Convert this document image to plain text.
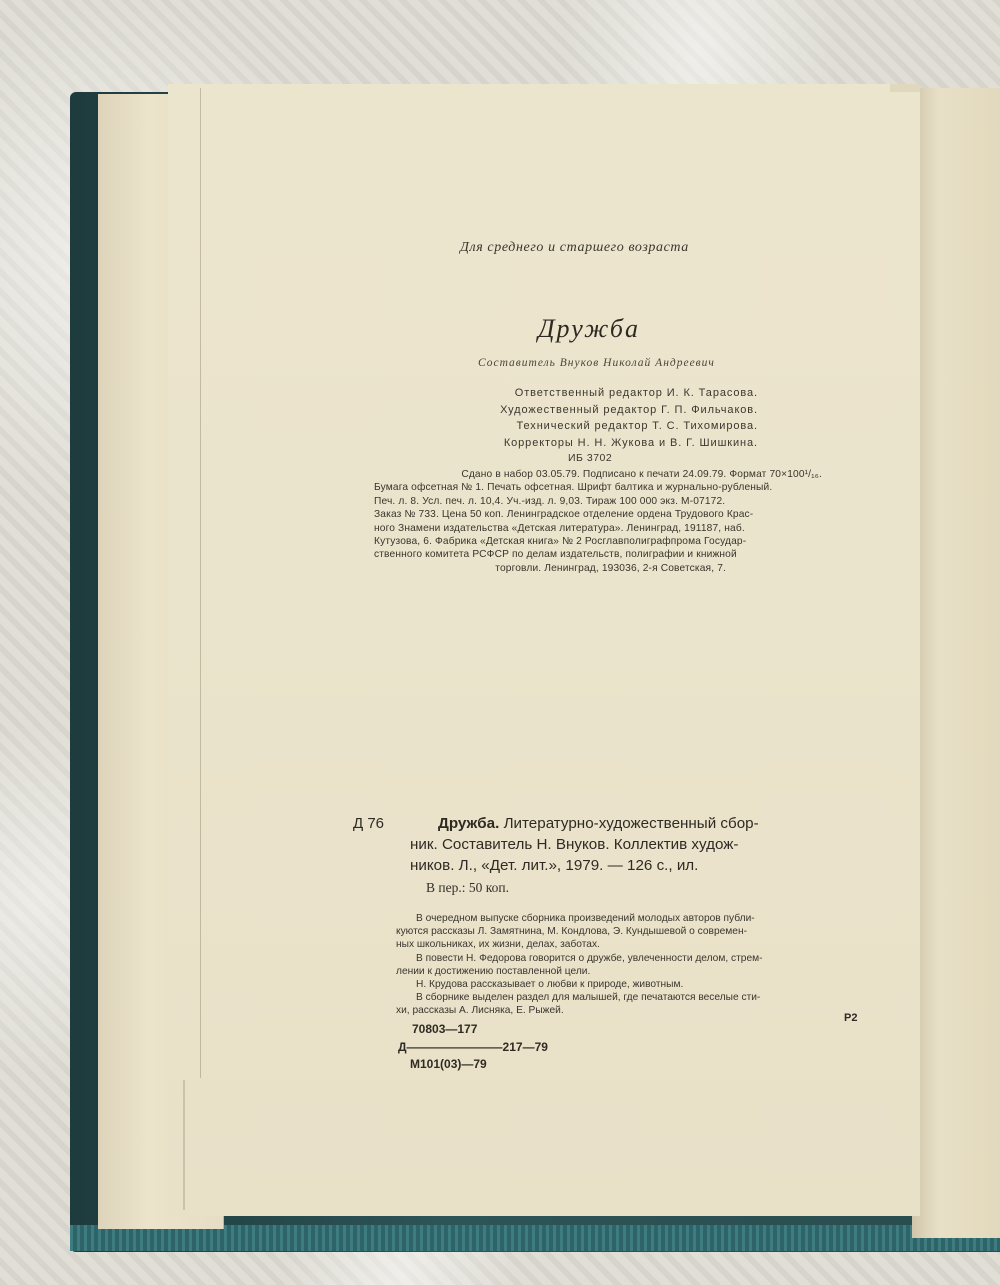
Для среднего и старшего возраста
Дружба
Составитель Внуков Николай Андреевич
Ответственный редактор И. К. Тарасова.
Художественный редактор Г. П. Фильчаков.
Технический редактор Т. С. Тихомирова.
Корректоры Н. Н. Жукова и В. Г. Шишкина.
ИБ 3702
Сдано в набор 03.05.79. Подписано к печати 24.09.79. Формат 70×100¹/₁₆.
Бумага офсетная № 1. Печать офсетная. Шрифт балтика и журнально-рубленый.
Печ. л. 8. Усл. печ. л. 10,4. Уч.-изд. л. 9,03. Тираж 100 000 экз. М-07172.
Заказ № 733. Цена 50 коп. Ленинградское отделение ордена Трудового Крас-
ного Знамени издательства «Детская литература». Ленинград, 191187, наб.
Кутузова, 6. Фабрика «Детская книга» № 2 Росглавполиграфпрома Государ-
ственного комитета РСФСР по делам издательств, полиграфии и книжной
торговли. Ленинград, 193036, 2-я Советская, 7.
Д 76	Дружба. Литературно-художественный сбор-
ник. Составитель Н. Внуков. Коллектив худож-
ников. Л., «Дет. лит.», 1979. — 126 с., ил.
В пер.: 50 коп.
В очередном выпуске сборника произведений молодых авторов публи-
куются рассказы Л. Замятнина, М. Кондлова, Э. Кундышевой о современ-
ных школьниках, их жизни, делах, заботах.
В повести Н. Федорова говорится о дружбе, увлеченности делом, стрем-
лении к достижению поставленной цели.
Н. Крудова рассказывает о любви к природе, животным.
В сборнике выделен раздел для малышей, где печатаются веселые сти-
хи, рассказы А. Лисняка, Е. Рыжей.
Р2
70803—177
Д————————217—79
М101(03)—79
